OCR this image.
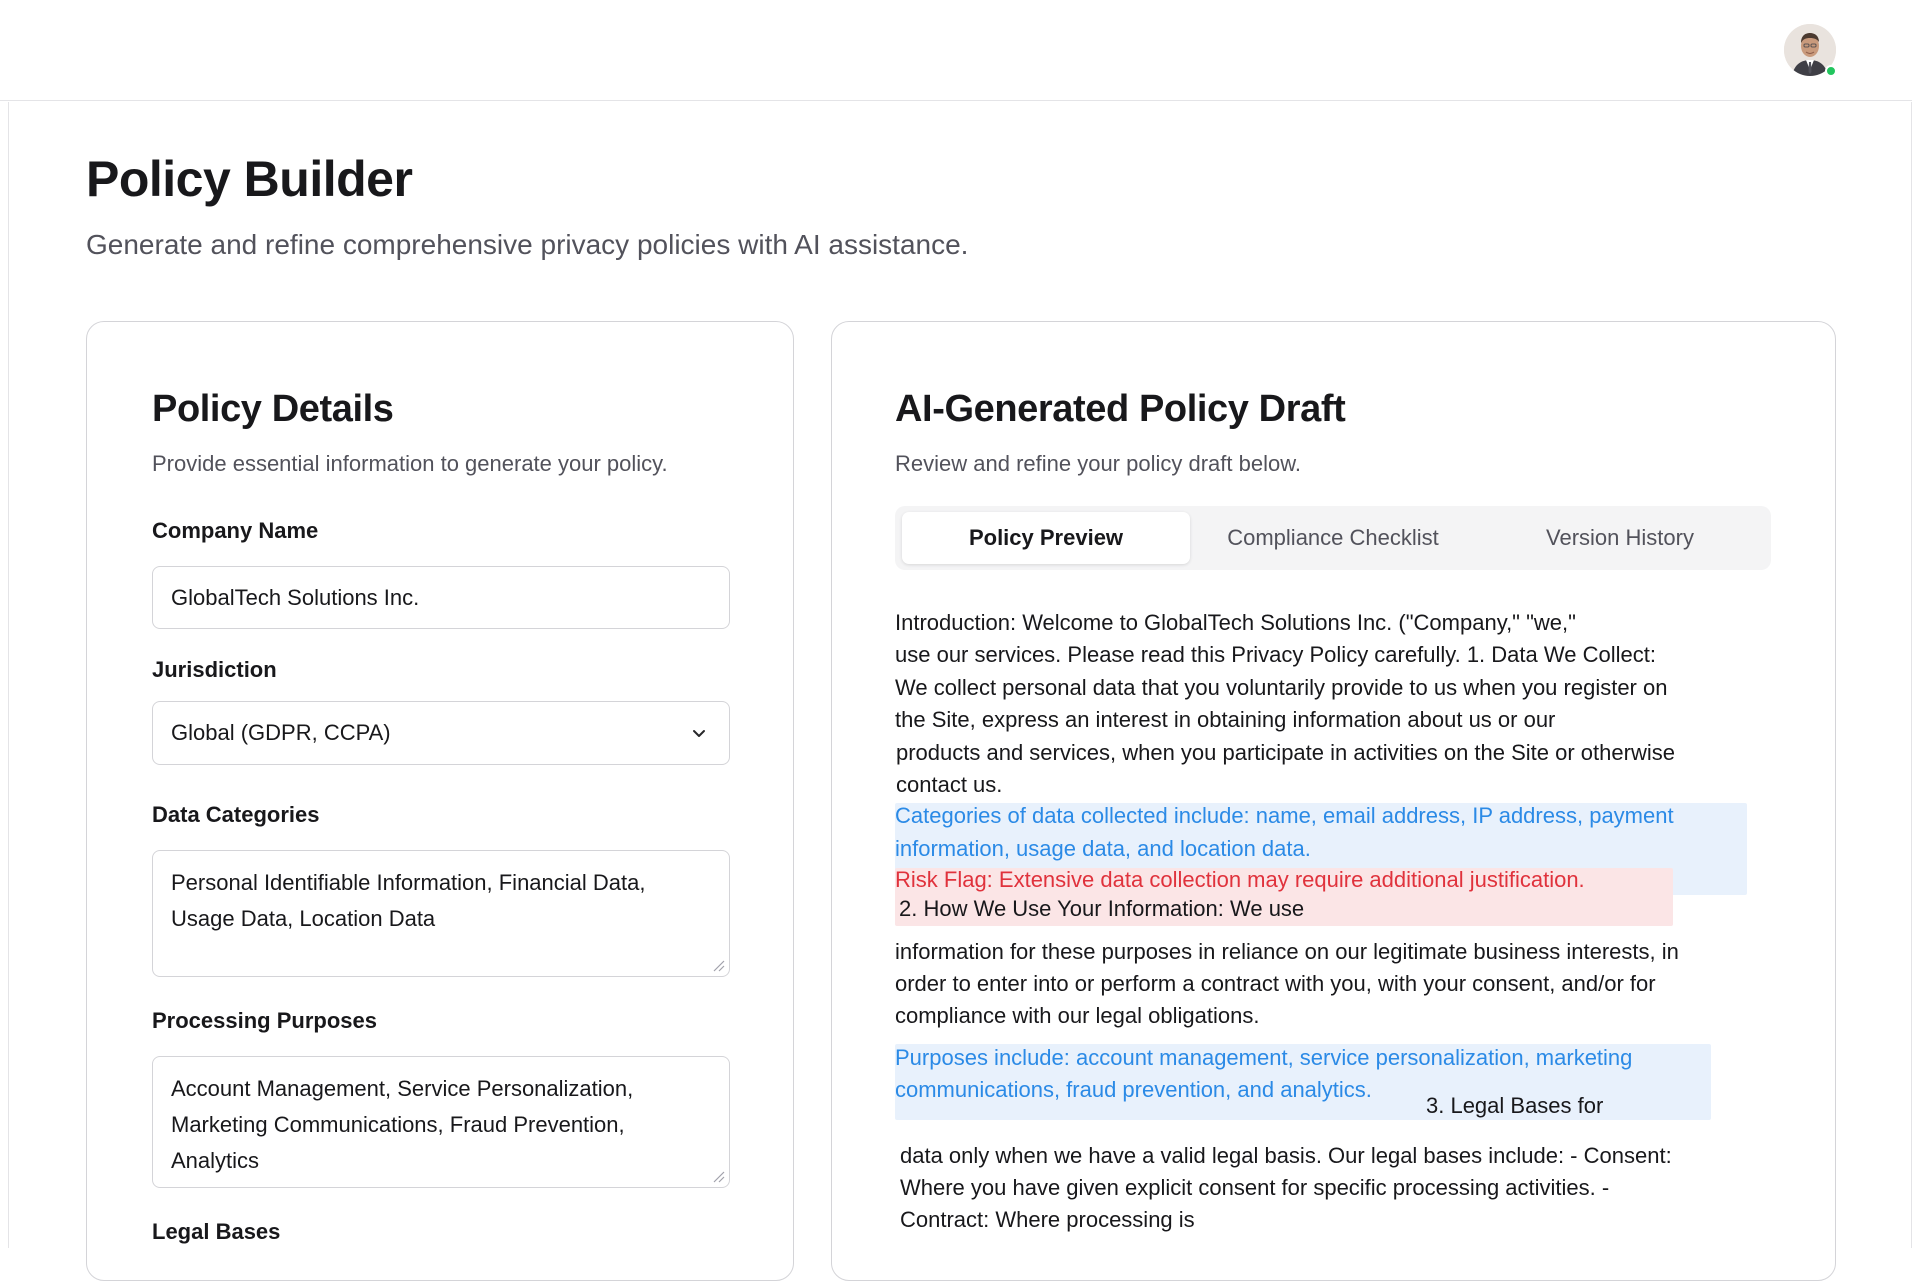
Policy Builder

Generate and refine comprehensive privacy policies with AI assistance.

Policy Details

Provide essential information to generate your policy.

Company Name
GlobalTech Solutions Inc.
Jurisdiction
Global (GDPR, CCPA)
Data Categories
Personal Identifiable Information, Financial Data,
Usage Data, Location Data
Processing Purposes
Account Management, Service Personalization,
Marketing Communications, Fraud Prevention,
Analytics
Legal Bases
AI-Generated Policy Draft

Review and refine your policy draft below.

Policy Preview	Compliance Checklist	Version History
Introduction: Welcome to GlobalTech Solutions Inc. ("Company," "we,"
use our services. Please read this Privacy Policy carefully. 1. Data We Collect:
We collect personal data that you voluntarily provide to us when you register on
the Site, express an interest in obtaining information about us or our
products and services, when you participate in activities on the Site or otherwise
contact us.
Categories of data collected include: name, email address, IP address, payment
information, usage data, and location data.
Risk Flag: Extensive data collection may require additional justification.
2. How We Use Your Information: We use
information for these purposes in reliance on our legitimate business interests, in
order to enter into or perform a contract with you, with your consent, and/or for
compliance with our legal obligations.
Purposes include: account management, service personalization, marketing
communications, fraud prevention, and analytics.
3. Legal Bases for
data only when we have a valid legal basis. Our legal bases include: - Consent:
Where you have given explicit consent for specific processing activities. -
Contract: Where processing is
